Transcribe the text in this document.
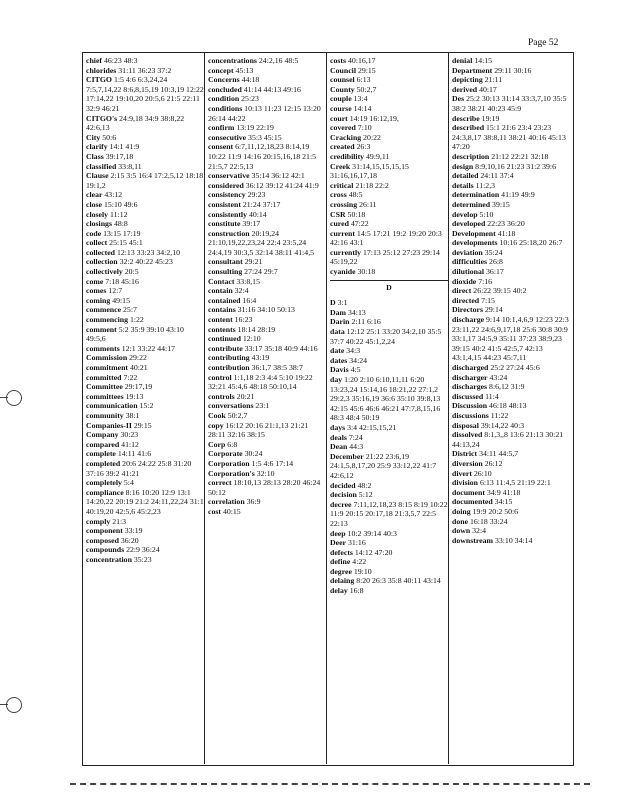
Page 52
chief 46:23 48:3
chlorides 31:11 36:23 37:2
CITGO 1:5 4:6 6:3,24,24 7:5,7,14,22 8:6,8,15,19 10:3,19 12:22 17:14,22 19:10,20 20:5,6 21:5 22:11 32:9 46:21
CITGO's 24:9,18 34:9 38:8,22 42:6,13
City 50:6
clarify 14:1 41:9
Class 39:17,18
classified 33:8,11
Clause 2:15 3:5 16:4 17:2,5,12 18:18 19:1,2
clear 43:12
close 15:10 49:6
closely 11:12
closings 48:8
code 13:15 17:19
collect 25:15 45:1
collected 12:13 33:23 34:2,10
collection 32:2 40:22 45:23
collectively 20:5
come 7:18 45:16
comes 12:7
coming 49:15
commence 25:7
commencing 1:22
comment 5:2 35:9 39:10 43:10 49:5,6
comments 12:1 33:22 44:17
Commission 29:22
commitment 40:21
committed 7:22
Committee 29:17,19
committees 19:13
communication 15:2
community 38:1
Companies-II 29:15
Company 30:23
compared 41:12
complete 14:11 41:6
completed 20:6 24:22 25:8 31:20 37:16 39:2 41:21
completely 5:4
compliance 8:16 10:20 12:9 13:1 14:20,22 20:19 21:2 24:11,22,24 31:1 40:19,20 42:5,6 45:2,23
comply 21:3
component 33:19
composed 36:20
compounds 22:9 36:24
concentration 35:23
concentrations 24:2,16 48:5
concept 45:13
Concerns 44:18
concluded 41:14 44:13 49:16
condition 25:23
conditions 10:13 11:23 12:15 13:20 26:14 44:22
confirm 13:19 22:19
consecutive 35:3 45:15
consent 6:7,11,12,18,23 8:14,19 10:22 11:9 14:16 20:15,16,18 21:5 21:5,7 22:5,13
conservative 35:14 36:12 42:1
considered 36:12 39:12 41:24 41:9
consistency 29:23
consistent 21:24 37:17
consistently 40:14
constitute 39:17
construction 20:19,24 21:10,19,22,23,24 22:4 23:5,24 24:4,19 30:3,5 32:14 38:11 41:4,5
consultant 29:21
consulting 27:24 29:7
Contact 33:8,15
contain 32:4
contained 16:4
contains 31:16 34:10 50:13
content 16:23
contents 18:14 28:19
continued 12:10
contribute 33:17 35:18 40:9 44:16
contributing 43:19
contribution 36:1,7 38:5 38:7
control 1:1,18 2:3 4:4 5:10 19:22 32:21 45:4,6 48:18 50:10,14
controls 20:21
conversations 23:1
Cook 50:2,7
copy 16:12 20:16 21:1,13 21:21 28:11 32:16 38:15
Corp 6:8
Corporate 30:24
Corporation 1:5 4:6 17:14
Corporation's 32:10
correct 18:10,13 28:13 28:20 46:24 50:12
correlation 36:9
cost 40:15
costs 40:16,17
Council 29:15
counsel 6:13
County 50:2,7
couple 13:4
course 14:14
court 14:19 16:12,19,
covered 7:10
Cracking 20:22
created 26:3
credibility 49:9,11
Creek 31:14,15,15,15,15 31:16,16,17,18
critical 21:18 22:2
cross 48:5
crossing 26:11
CSR 50:18
cured 47:22
current 14:5 17:21 19:2 19:20 20:3 42:16 43:1
currently 17:13 25:12 27:23 29:14 45:19,22
cyanide 30:18
D
D 3:1
Dam 34:13
Darin 2:11 6:16
data 12:12 25:1 33:20 34:2,10 35:5 37:7 40:22 45:1,2,24
date 34:3
dates 34:24
Davis 4:5
day 1:20 2:10 6:10,11,11 6:20 13:23,24 15:14,16 18:21,22 27:1,2 29:2,3 35:16,19 36:6 35:10 39:8,13 42:15 45:6 46:6 46:21 47:7,8,15,16 48:3 48:4 50:19
days 3:4 42:15,15,21
deals 7:24
Dean 44:3
December 21:22 23:6,19 24:1,5,8,17,20 25:9 33:12,22 41:7 42:6,12
decided 48:2
decision 5:12
decree 7:11,12,18,23 8:15 8:19 10:22 11:9 20:15 20:17,18 21:3,5,7 22:5 22:13
deep 10:2 39:14 40:3
Deer 31:16
defects 14:12 47:20
define 4:22
degree 19:10
delaing 8:20 26:3 35:8 40:11 43:14
delay 16:8
denial 14:15
Department 29:11 30:16
depicting 21:11
derived 40:17
Des 25:2 30:13 31:14 33:3,7,10 35:5 38:2 38:21 40:23 45:9
describe 19:19
described 15:1 21:6 23:4 23:23 24:3,8,17 38:8,11 38:21 40:16 45:13 47:20
description 21:12 22:21 32:18
design 8:9,10,16 21:23 31:2 39:6
detailed 24:11 37:4
details 11:2,3
determination 41:19 49:9
determined 39:15
develop 5:10
developed 22:23 36:20
Development 41:18
developments 10:16 25:18,20 26:7
deviation 35:24
difficulties 26:8
dilutional 36:17
dioxide 7:16
direct 26:22 39:15 40:2
directed 7:15
Directors 29:14
discharge 9:14 10:1,4,6,9 12:23 22:3 23:11,22 24:6,9,17,18 25:6 30:8 30:9 33:1,17 34:5,9 35:11 37:23 38:9,23 39:15 40:2 41:5 42:5,7 42:13 43:1,4,15 44:23 45:7,11
discharged 25:2 27:24 45:6
discharger 43:24
discharges 8:6,12 31:9
discussed 11:4
Discussion 46:18 48:13
discussions 11:22
disposal 39:14,22 40:3
dissolved 8:1,3,,8 13:6 21:13 30:21 44:13,24
District 34:11 44:5,7
diversion 26:12
divert 26:10
division 6:13 11:4,5 21:19 22:1
document 34:9 41:18
documented 34:15
doing 19:9 20:2 50:6
done 16:18 33:24
down 32:4
downstream 33:10 34:14
